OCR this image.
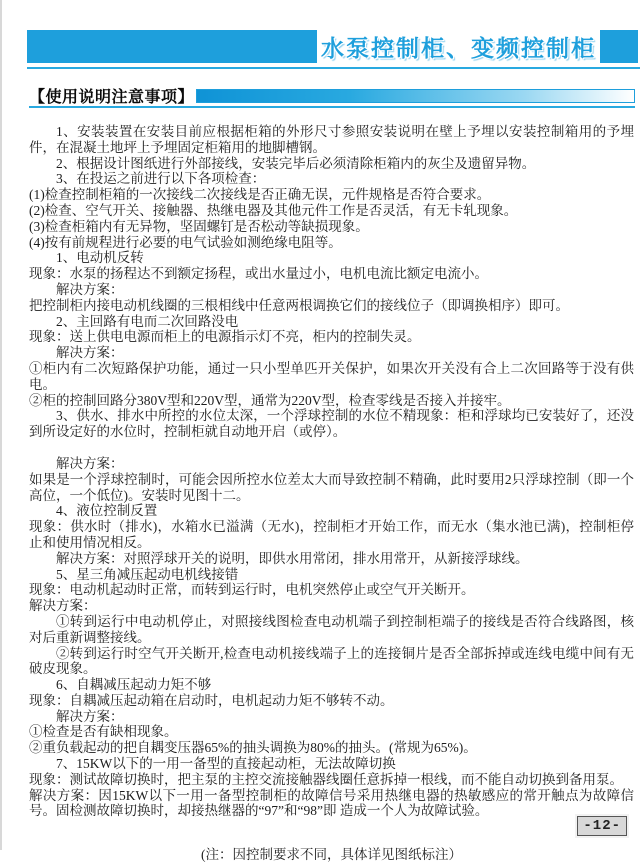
水泵控制柜、变频控制柜
【使用说明注意事项】

1、安装装置在安装目前应根据柜箱的外形尺寸参照安装说明在壁上予埋以安装控制箱用的予埋件，在混凝土地坪上予埋固定柜箱用的地脚槽钢。

2、根据设计图纸进行外部接线，安装完毕后必须清除柜箱内的灰尘及遗留异物。

3、在投运之前进行以下各项检查：

(1)检查控制柜箱的一次接线二次接线是否正确无误，元件规格是否符合要求。

(2)检查、空气开关、接触器、热继电器及其他元件工作是否灵活，有无卡轧现象。

(3)检查柜箱内有无异物，坚固螺钉是否松动等缺损现象。

(4)按有前规程进行必要的电气试验如测绝缘电阻等。

1、电动机反转

现象：水泵的扬程达不到额定扬程，或出水量过小，电机电流比额定电流小。

解决方案：

把控制柜内接电动机线圈的三根相线中任意两根调换它们的接线位子（即调换相序）即可。

2、主回路有电而二次回路没电

现象：送上供电电源而柜上的电源指示灯不亮，柜内的控制失灵。

解决方案：

①柜内有二次短路保护功能，通过一只小型单匹开关保护，如果次开关没有合上二次回路等于没有供电。

②柜的控制回路分380V型和220V型，通常为220V型，检查零线是否接入并接牢。

3、供水、排水中所控的水位太深，一个浮球控制的水位不精现象：柜和浮球均已安装好了，还没到所设定好的水位时，控制柜就自动地开启（或停）。

解决方案：

如果是一个浮球控制时，可能会因所控水位差太大而导致控制不精确，此时要用2只浮球控制（即一个高位，一个低位)。安装时见图十二。

4、液位控制反置

现象：供水时（排水)，水箱水已溢满（无水)，控制柜才开始工作，而无水（集水池已满)，控制柜停止和使用情况相反。

解决方案：对照浮球开关的说明，即供水用常闭，排水用常开，从新接浮球线。

5、星三角减压起动电机线接错

现象：电动机起动时正常，而转到运行时，电机突然停止或空气开关断开。

解决方案：

①转到运行中电动机停止，对照接线图检查电动机端子到控制柜端子的接线是否符合线路图，核对后重新调整接线。

②转到运行时空气开关断开,检查电动机接线端子上的连接铜片是否全部拆掉或连线电缆中间有无破皮现象。

6、自耦减压起动力矩不够

现象：自耦减压起动箱在启动时，电机起动力矩不够转不动。

解决方案：

①检查是否有缺相现象。

②重负载起动的把自耦变压器65%的抽头调换为80%的抽头。(常规为65%)。

7、15KW以下的一用一备型的直接起动柜，无法故障切换

现象：测试故障切换时，把主泵的主控交流接触器线圈任意拆掉一根线，而不能自动切换到备用泵。

解决方案：因15KW以下一用一备型控制柜的故障信号采用热继电器的热敏感应的常开触点为故障信号。固检测故障切换时，却接热继器的“97”和“98”即 造成一个人为故障试验。

(注：因控制要求不同，具体详见图纸标注）

-12-
